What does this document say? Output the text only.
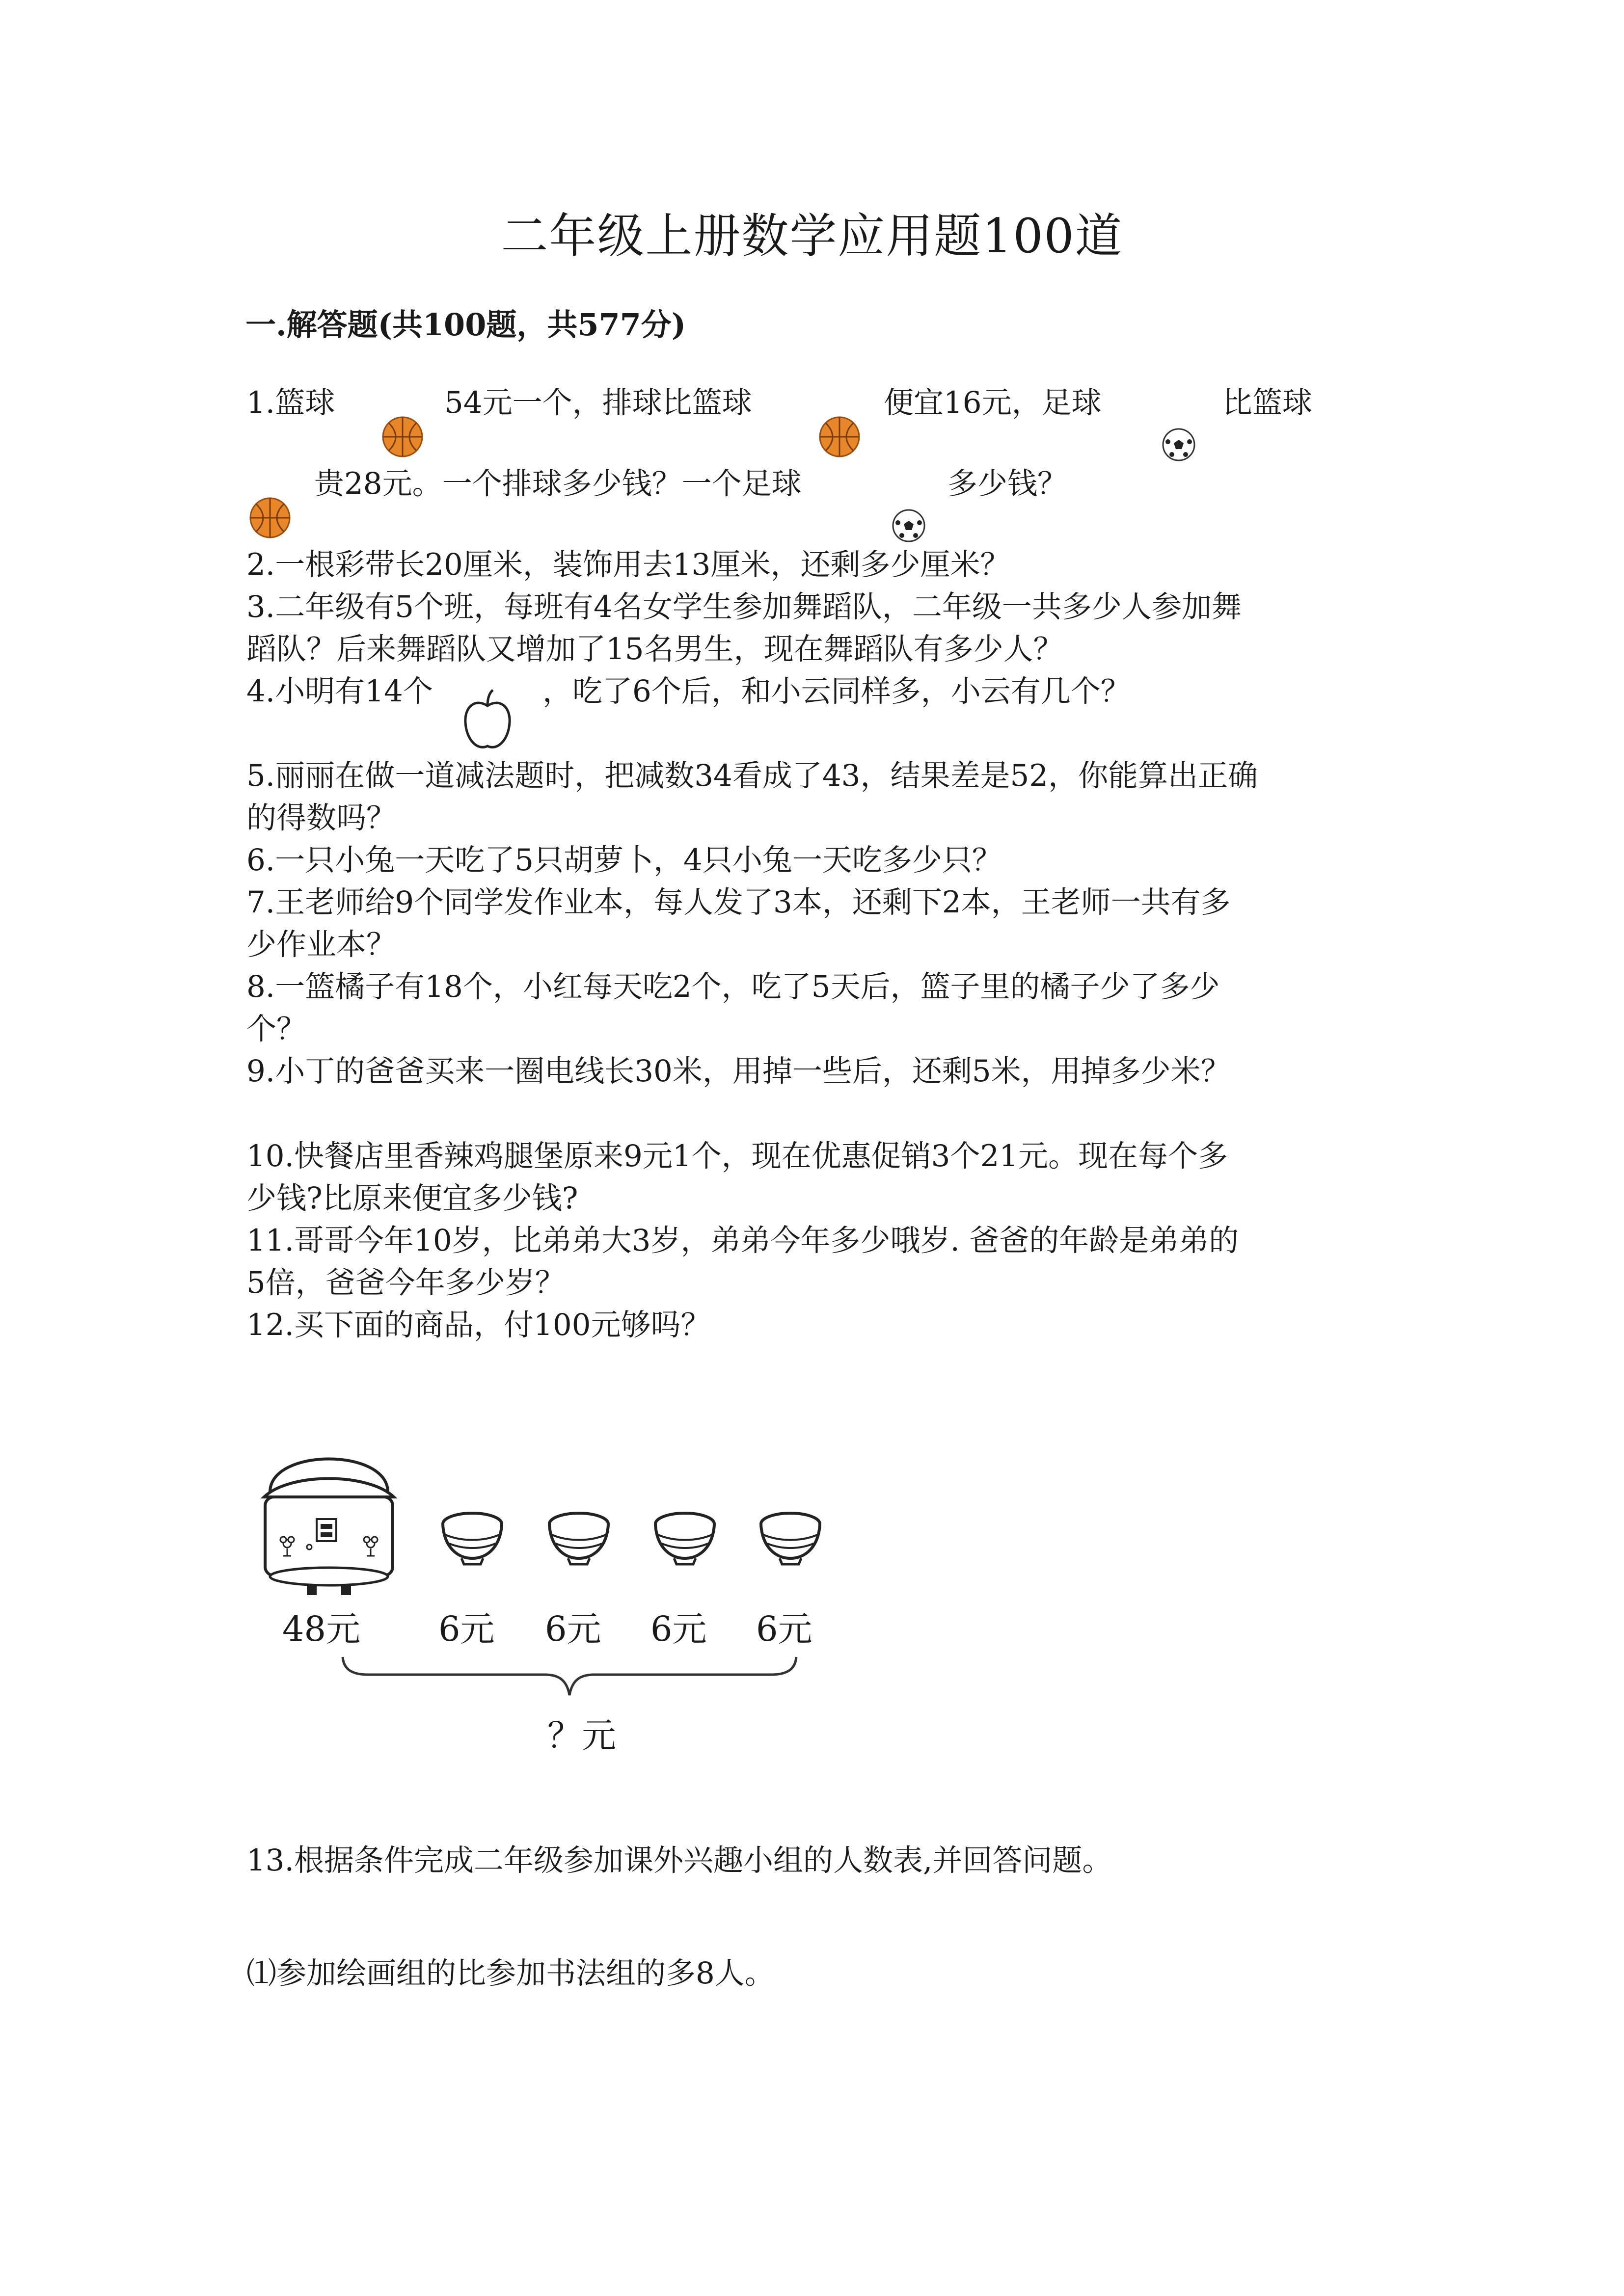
二年级上册数学应用题100道
一.解答题(共100题，共577分)
1.篮球	54元一个，排球比篮球	便宜16元，足球	比篮球
贵28元。一个排球多少钱？一个足球	多少钱？
2.一根彩带长20厘米，装饰用去13厘米，还剩多少厘米？
3.二年级有5个班，每班有4名女学生参加舞蹈队，二年级一共多少人参加舞
蹈队？后来舞蹈队又增加了15名男生，现在舞蹈队有多少人？
4.小明有14个	，吃了6个后，和小云同样多，小云有几个？
5.丽丽在做一道减法题时，把减数34看成了43，结果差是52，你能算出正确
的得数吗？
6.一只小兔一天吃了5只胡萝卜，4只小兔一天吃多少只？
7.王老师给9个同学发作业本，每人发了3本，还剩下2本，王老师一共有多
少作业本？
8.一篮橘子有18个，小红每天吃2个，吃了5天后，篮子里的橘子少了多少
个？
9.小丁的爸爸买来一圈电线长30米，用掉一些后，还剩5米，用掉多少米？
10.快餐店里香辣鸡腿堡原来9元1个，现在优惠促销3个21元。现在每个多
少钱?比原来便宜多少钱?
11.哥哥今年10岁，比弟弟大3岁，弟弟今年多少哦岁. 爸爸的年龄是弟弟的
5倍，爸爸今年多少岁？
12.买下面的商品，付100元够吗？
48元 6元 6元 6元 6元
？元
13.根据条件完成二年级参加课外兴趣小组的人数表,并回答问题。
⑴参加绘画组的比参加书法组的多8人。
